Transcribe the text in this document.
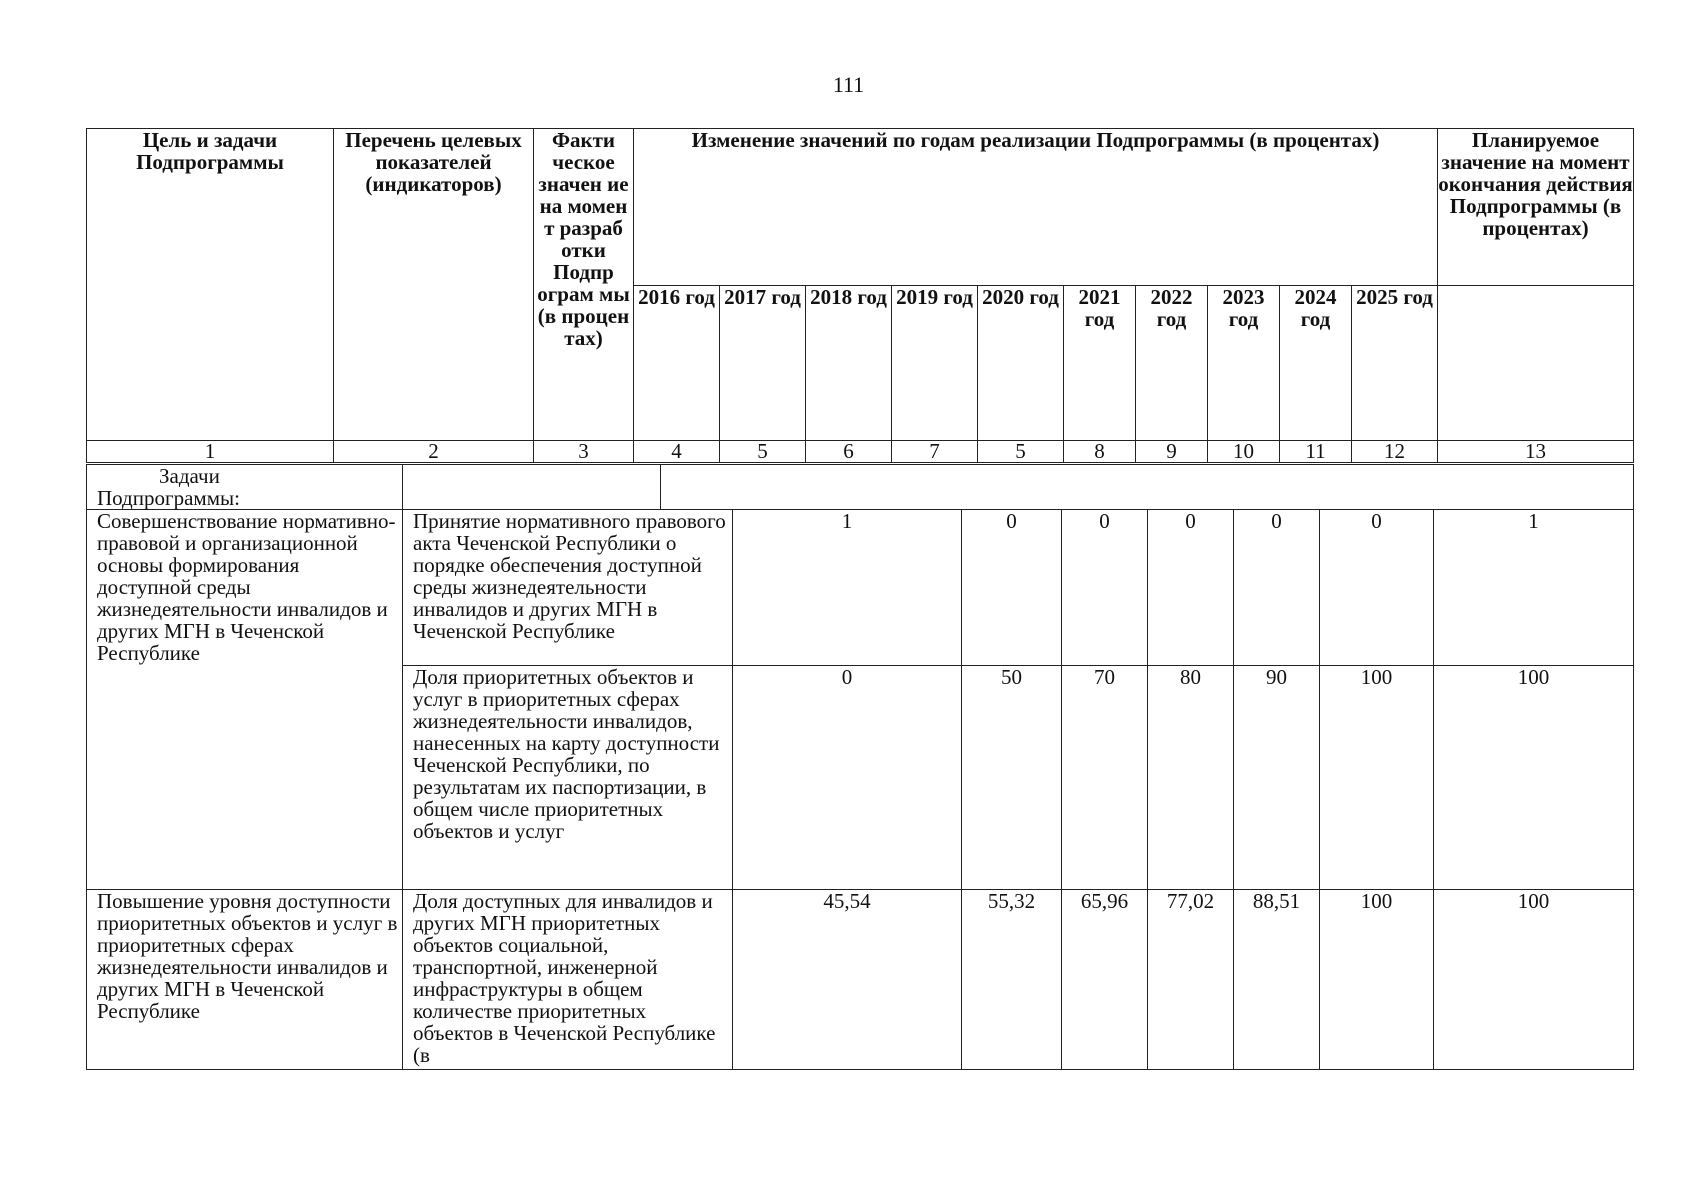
111
Цель и задачи Подпрограммы	Перечень целевых показателей (индикаторов)	Факти ческое значен ие на момен т разраб отки Подпр ограм мы (в процен тах)	Изменение значений по годам реализации Подпрограммы (в процентах)										Планируемое значение на момент окончания действия Подпрограммы (в процентах)
			2016 год	2017 год	2018 год	2019 год	2020 год	2021 год	2022 год	2023 год	2024 год	2025 год	
1	2	3	4	5	6	7	5	8	9	10	11	12	13
Задачи
Подпрограммы:									

Совершенствование нормативно-правовой и организационной основы формирования доступной среды жизнедеятельности инвалидов и других МГН в Чеченской Республике	Принятие нормативного правового акта Чеченской Республики о порядке обеспечения доступной среды жизнедеятельности инвалидов и других МГН в Чеченской Республике		1	0	0	0	0	0	1
	Доля приоритетных объектов и услуг в приоритетных сферах жизнедеятельности инвалидов, нанесенных на карту доступности Чеченской Республики, по результатам их паспортизации, в общем числе приоритетных объектов и услуг		0	50	70	80	90	100	100
Повышение уровня доступности приоритетных объектов и услуг в приоритетных сферах жизнедеятельности инвалидов и других МГН в Чеченской Республике	Доля доступных для инвалидов и других МГН приоритетных объектов социальной, транспортной, инженерной инфраструктуры в общем количестве приоритетных объектов в Чеченской Республике (в		45,54	55,32	65,96	77,02	88,51	100	100
